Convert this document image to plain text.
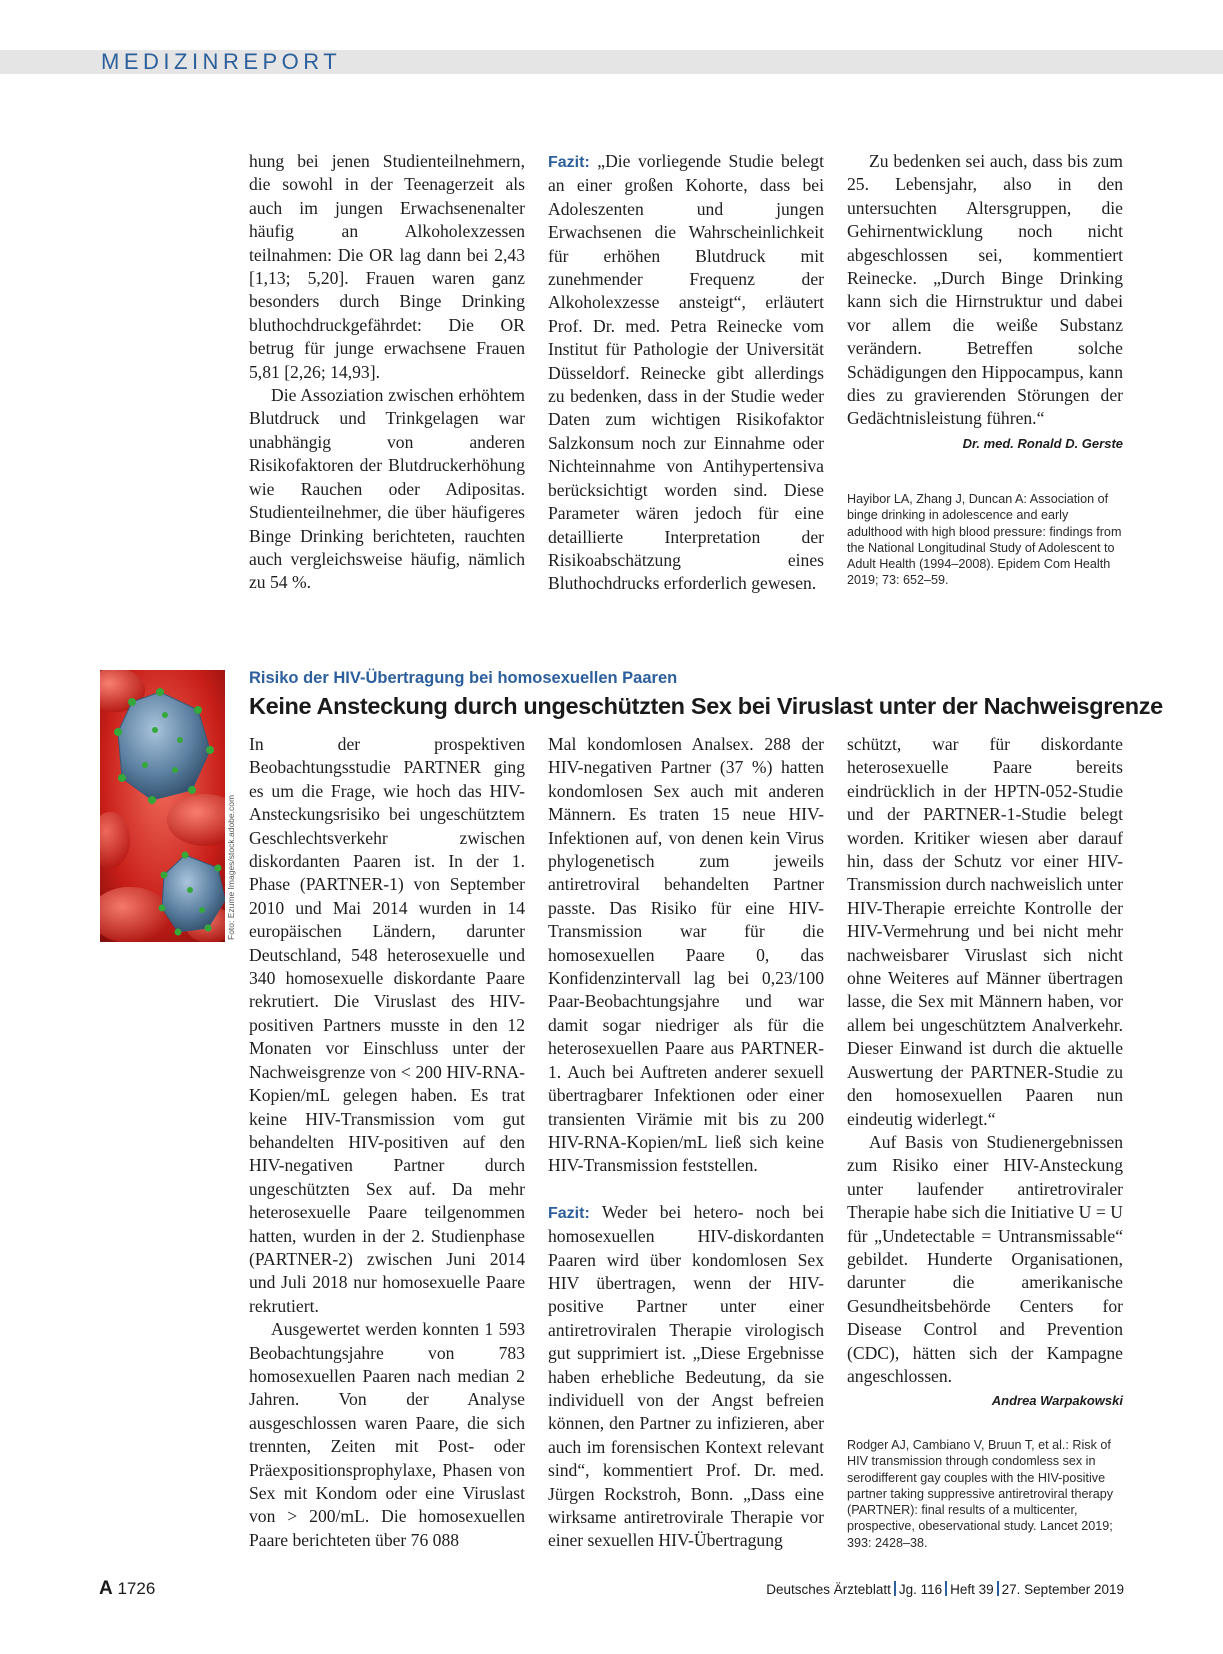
MEDIZINREPORT

hung bei jenen Studienteilnehmern, die sowohl in der Teenagerzeit als auch im jungen Erwachsenenalter häufig an Alkoholexzessen teilnahmen: Die OR lag dann bei 2,43 [1,13; 5,20]. Frauen waren ganz besonders durch Binge Drinking bluthochdruckgefährdet: Die OR betrug für junge erwachsene Frauen 5,81 [2,26; 14,93].

Die Assoziation zwischen erhöhtem Blutdruck und Trinkgelagen war unabhängig von anderen Risikofaktoren der Blutdruckerhöhung wie Rauchen oder Adipositas. Studienteilnehmer, die über häufigeres Binge Drinking berichteten, rauchten auch vergleichsweise häufig, nämlich zu 54 %.

Fazit: „Die vorliegende Studie belegt an einer großen Kohorte, dass bei Adoleszenten und jungen Erwachsenen die Wahrscheinlichkeit für erhöhen Blutdruck mit zunehmender Frequenz der Alkoholexzesse ansteigt“, erläutert Prof. Dr. med. Petra Reinecke vom Institut für Pathologie der Universität Düsseldorf. Reinecke gibt allerdings zu bedenken, dass in der Studie weder Daten zum wichtigen Risikofaktor Salzkonsum noch zur Einnahme oder Nichteinnahme von Antihypertensiva berücksichtigt worden sind. Diese Parameter wären jedoch für eine detaillierte Interpretation der Risikoabschätzung eines Bluthochdrucks erforderlich gewesen.

Zu bedenken sei auch, dass bis zum 25. Lebensjahr, also in den untersuchten Altersgruppen, die Gehirnentwicklung noch nicht abgeschlossen sei, kommentiert Reinecke. „Durch Binge Drinking kann sich die Hirnstruktur und dabei vor allem die weiße Substanz verändern. Betreffen solche Schädigungen den Hippocampus, kann dies zu gravierenden Störungen der Gedächtnisleistung führen.“

Dr. med. Ronald D. Gerste

Hayibor LA, Zhang J, Duncan A: Association of binge drinking in adolescence and early adulthood with high blood pressure: findings from the National Longitudinal Study of Adolescent to Adult Health (1994–2008). Epidem Com Health 2019; 73: 652–59.
Foto: Ezume Images/stock.adobe.com
Risiko der HIV-Übertragung bei homosexuellen Paaren
Keine Ansteckung durch ungeschützten Sex bei Viruslast unter der Nachweisgrenze

In der prospektiven Beobachtungsstudie PARTNER ging es um die Frage, wie hoch das HIV-Ansteckungsrisiko bei ungeschütztem Geschlechtsverkehr zwischen diskordanten Paaren ist. In der 1. Phase (PARTNER-1) von September 2010 und Mai 2014 wurden in 14 europäischen Ländern, darunter Deutschland, 548 heterosexuelle und 340 homosexuelle diskordante Paare rekrutiert. Die Viruslast des HIV-positiven Partners musste in den 12 Monaten vor Einschluss unter der Nachweisgrenze von < 200 HIV-RNA-Kopien/mL gelegen haben. Es trat keine HIV-Transmission vom gut behandelten HIV-positiven auf den HIV-negativen Partner durch ungeschützten Sex auf. Da mehr heterosexuelle Paare teilgenommen hatten, wurden in der 2. Studienphase (PARTNER-2) zwischen Juni 2014 und Juli 2018 nur homosexuelle Paare rekrutiert.

Ausgewertet werden konnten 1 593 Beobachtungsjahre von 783 homosexuellen Paaren nach median 2 Jahren. Von der Analyse ausgeschlossen waren Paare, die sich trennten, Zeiten mit Post- oder Präexpositionsprophylaxe, Phasen von Sex mit Kondom oder eine Viruslast von > 200/mL. Die homosexuellen Paare berichteten über 76 088

Mal kondomlosen Analsex. 288 der HIV-negativen Partner (37 %) hatten kondomlosen Sex auch mit anderen Männern. Es traten 15 neue HIV-Infektionen auf, von denen kein Virus phylogenetisch zum jeweils antiretroviral behandelten Partner passte. Das Risiko für eine HIV-Transmission war für die homosexuellen Paare 0, das Konfidenzintervall lag bei 0,23/100 Paar-Beobachtungsjahre und war damit sogar niedriger als für die heterosexuellen Paare aus PARTNER-1. Auch bei Auftreten anderer sexuell übertragbarer Infektionen oder einer transienten Virämie mit bis zu 200 HIV-RNA-Kopien/mL ließ sich keine HIV-Transmission feststellen.

Fazit: Weder bei hetero- noch bei homosexuellen HIV-diskordanten Paaren wird über kondomlosen Sex HIV übertragen, wenn der HIV-positive Partner unter einer antiretroviralen Therapie virologisch gut supprimiert ist. „Diese Ergebnisse haben erhebliche Bedeutung, da sie individuell von der Angst befreien können, den Partner zu infizieren, aber auch im forensischen Kontext relevant sind“, kommentiert Prof. Dr. med. Jürgen Rockstroh, Bonn. „Dass eine wirksame antiretrovirale Therapie vor einer sexuellen HIV-Übertragung

schützt, war für diskordante heterosexuelle Paare bereits eindrücklich in der HPTN-052-Studie und der PARTNER-1-Studie belegt worden. Kritiker wiesen aber darauf hin, dass der Schutz vor einer HIV-Transmission durch nachweislich unter HIV-Therapie erreichte Kontrolle der HIV-Vermehrung und bei nicht mehr nachweisbarer Viruslast sich nicht ohne Weiteres auf Männer übertragen lasse, die Sex mit Männern haben, vor allem bei ungeschütztem Analverkehr. Dieser Einwand ist durch die aktuelle Auswertung der PARTNER-Studie zu den homosexuellen Paaren nun eindeutig widerlegt.“

Auf Basis von Studienergebnissen zum Risiko einer HIV-Ansteckung unter laufender antiretroviraler Therapie habe sich die Initiative U = U für „Undetectable = Untransmissable“ gebildet. Hunderte Organisationen, darunter die amerikanische Gesundheitsbehörde Centers for Disease Control and Prevention (CDC), hätten sich der Kampagne angeschlossen.

Andrea Warpakowski

Rodger AJ, Cambiano V, Bruun T, et al.: Risk of HIV transmission through condomless sex in serodifferent gay couples with the HIV-positive partner taking suppressive antiretroviral therapy (PARTNER): final results of a multicenter, prospective, obeservational study. Lancet 2019; 393: 2428–38.
A 1726	Deutsches Ärzteblatt Jg. 116 Heft 39 27. September 2019
